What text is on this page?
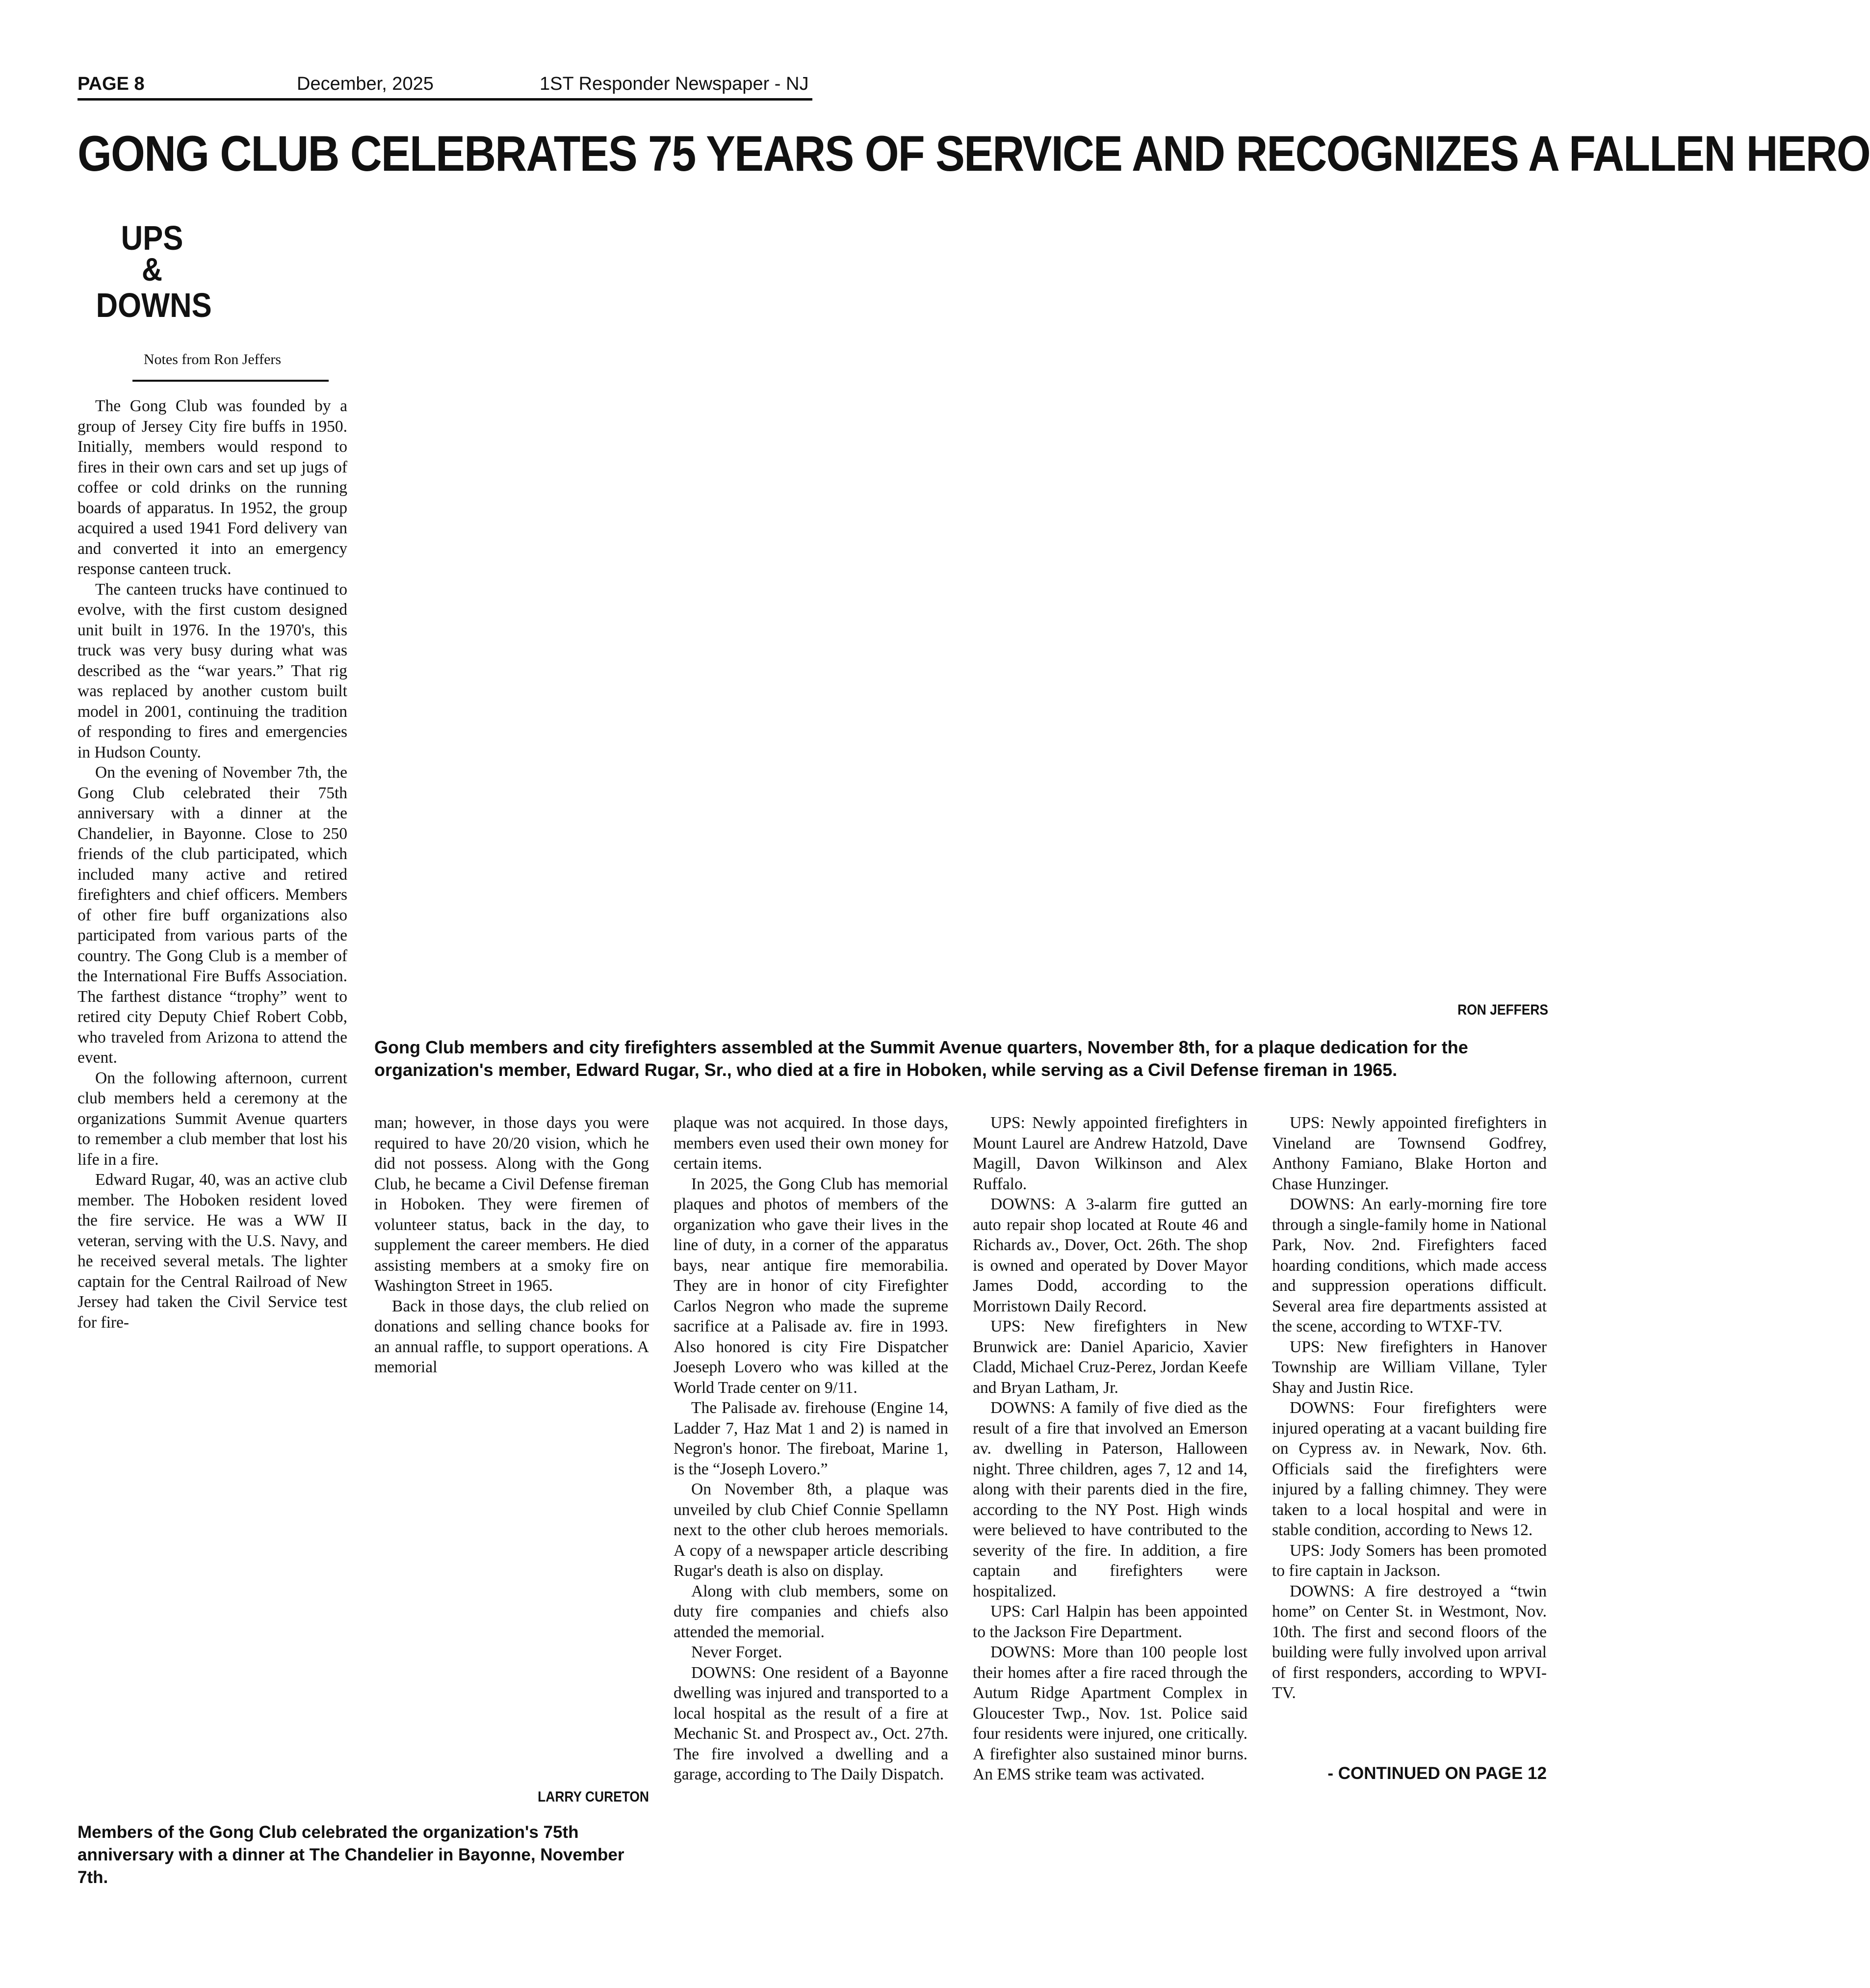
PAGE 8	December, 2025	1ST Responder Newspaper - NJ
GONG CLUB CELEBRATES 75 YEARS OF SERVICE AND RECOGNIZES A FALLEN HERO
UPS
&
DOWNS
Notes from Ron Jeffers

The Gong Club was founded by a group of Jersey City fire buffs in 1950. Initially, members would respond to fires in their own cars and set up jugs of coffee or cold drinks on the running boards of apparatus. In 1952, the group acquired a used 1941 Ford delivery van and converted it into an emergency response canteen truck.

The canteen trucks have continued to evolve, with the first custom designed unit built in 1976. In the 1970's, this truck was very busy during what was described as the “war years.” That rig was replaced by another custom built model in 2001, continuing the tradition of responding to fires and emergencies in Hudson County.

On the evening of November 7th, the Gong Club celebrated their 75th anniversary with a dinner at the Chandelier, in Bayonne. Close to 250 friends of the club participated, which included many active and retired firefighters and chief officers. Members of other fire buff organizations also participated from various parts of the country. The Gong Club is a member of the International Fire Buffs Association. The farthest distance “trophy” went to retired city Deputy Chief Robert Cobb, who traveled from Arizona to attend the event.

On the following afternoon, current club members held a ceremony at the organizations Summit Avenue quarters to remember a club member that lost his life in a fire.

Edward Rugar, 40, was an active club member. The Hoboken resident loved the fire service. He was a WW II veteran, serving with the U.S. Navy, and he received several metals. The lighter captain for the Central Railroad of New Jersey had taken the Civil Service test for fire-

RON JEFFERS
Gong Club members and city firefighters assembled at the Summit Avenue quarters, November 8th, for a plaque dedication for the organization's member, Edward Rugar, Sr., who died at a fire in Hoboken, while serving as a Civil Defense fireman in 1965.

man; however, in those days you were required to have 20/20 vision, which he did not possess. Along with the Gong Club, he became a Civil Defense fireman in Hoboken. They were firemen of volunteer status, back in the day, to supplement the career members. He died assisting members at a smoky fire on Washington Street in 1965.

Back in those days, the club relied on donations and selling chance books for an annual raffle, to support operations. A memorial

LARRY CURETON
Members of the Gong Club celebrated the organization's 75th anniversary with a dinner at The Chandelier in Bayonne, November 7th.

plaque was not acquired. In those days, members even used their own money for certain items.

In 2025, the Gong Club has memorial plaques and photos of members of the organization who gave their lives in the line of duty, in a corner of the apparatus bays, near antique fire memorabilia. They are in honor of city Firefighter Carlos Negron who made the supreme sacrifice at a Palisade av. fire in 1993. Also honored is city Fire Dispatcher Joeseph Lovero who was killed at the World Trade center on 9/11.

The Palisade av. firehouse (Engine 14, Ladder 7, Haz Mat 1 and 2) is named in Negron's honor. The fireboat, Marine 1, is the “Joseph Lovero.”

On November 8th, a plaque was unveiled by club Chief Connie Spellamn next to the other club heroes memorials. A copy of a newspaper article describing Rugar's death is also on display.

Along with club members, some on duty fire companies and chiefs also attended the memorial.

Never Forget.

DOWNS: One resident of a Bayonne dwelling was injured and transported to a local hospital as the result of a fire at Mechanic St. and Prospect av., Oct. 27th. The fire involved a dwelling and a garage, according to The Daily Dispatch.

UPS: Newly appointed firefighters in Mount Laurel are Andrew Hatzold, Dave Magill, Davon Wilkinson and Alex Ruffalo.

DOWNS: A 3-alarm fire gutted an auto repair shop located at Route 46 and Richards av., Dover, Oct. 26th. The shop is owned and operated by Dover Mayor James Dodd, according to the Morristown Daily Record.

UPS: New firefighters in New Brunwick are: Daniel Aparicio, Xavier Cladd, Michael Cruz-Perez, Jordan Keefe and Bryan Latham, Jr.

DOWNS: A family of five died as the result of a fire that involved an Emerson av. dwelling in Paterson, Halloween night. Three children, ages 7, 12 and 14, along with their parents died in the fire, according to the NY Post. High winds were believed to have contributed to the severity of the fire. In addition, a fire captain and firefighters were hospitalized.

UPS: Carl Halpin has been appointed to the Jackson Fire Department.

DOWNS: More than 100 people lost their homes after a fire raced through the Autum Ridge Apartment Complex in Gloucester Twp., Nov. 1st. Police said four residents were injured, one critically. A firefighter also sustained minor burns. An EMS strike team was activated.

UPS: Newly appointed firefighters in Vineland are Townsend Godfrey, Anthony Famiano, Blake Horton and Chase Hunzinger.

DOWNS: An early-morning fire tore through a single-family home in National Park, Nov. 2nd. Firefighters faced hoarding conditions, which made access and suppression operations difficult. Several area fire departments assisted at the scene, according to WTXF-TV.

UPS: New firefighters in Hanover Township are William Villane, Tyler Shay and Justin Rice.

DOWNS: Four firefighters were injured operating at a vacant building fire on Cypress av. in Newark, Nov. 6th. Officials said the firefighters were injured by a falling chimney. They were taken to a local hospital and were in stable condition, according to News 12.

UPS: Jody Somers has been promoted to fire captain in Jackson.

DOWNS: A fire destroyed a “twin home” on Center St. in Westmont, Nov. 10th. The first and second floors of the building were fully involved upon arrival of first responders, according to WPVI-TV.

- CONTINUED ON PAGE 12
